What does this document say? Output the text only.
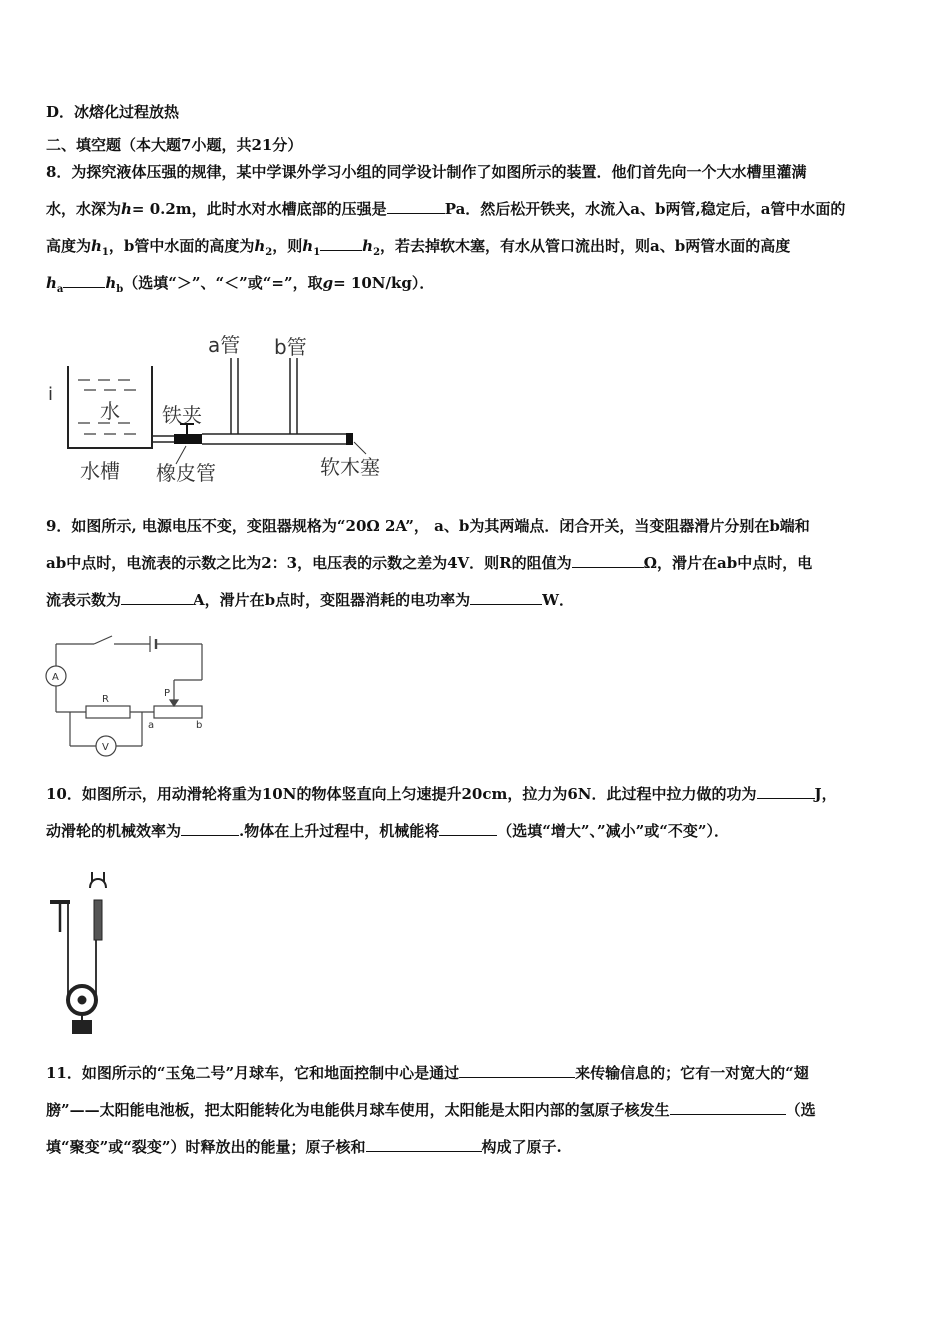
D．冰熔化过程放热
二、填空题（本大题7小题，共21分）
8．为探究液体压强的规律，某中学课外学习小组的同学设计制作了如图所示的装置．他们首先向一个大水槽里灌满
水，水深为h= 0.2m，此时水对水槽底部的压强是	Pa．然后松开铁夹，水流入a、b两管,稳定后，a管中水面的
高度为$h_1$，b管中水面的高度为$h_2$，则$h_1$	$h_2$，若去掉软木塞，有水从管口流出时，则a、b两管水面的高度
$h_a$	$h_b$（选填“＞”、“＜”或“=”，取g= 10N/kg）．
i
水
a管 b管
铁夹
水槽 橡皮管	软木塞
9．如图所示, 电源电压不变，变阻器规格为“20Ω 2A”， a、b为其两端点．闭合开关，当变阻器滑片分别在b端和
ab中点时，电流表的示数之比为2：3，电压表的示数之差为4V．则R的阻值为	Ω，滑片在ab中点时，电
流表示数为	A，滑片在b点时，变阻器消耗的电功率为	W．
A
V
R
P
a	b
10．如图所示，用动滑轮将重为10N的物体竖直向上匀速提升20cm，拉力为6N．此过程中拉力做的功为	J，
动滑轮的机械效率为	.物体在上升过程中，机械能将	（选填“增大”、”减小”或“不变”）．
11．如图所示的“玉兔二号”月球车，它和地面控制中心是通过	来传输信息的；它有一对宽大的“翅
膀”——太阳能电池板，把太阳能转化为电能供月球车使用，太阳能是太阳内部的氢原子核发生	（选
填“聚变”或“裂变”）时释放出的能量；原子核和	构成了原子.
